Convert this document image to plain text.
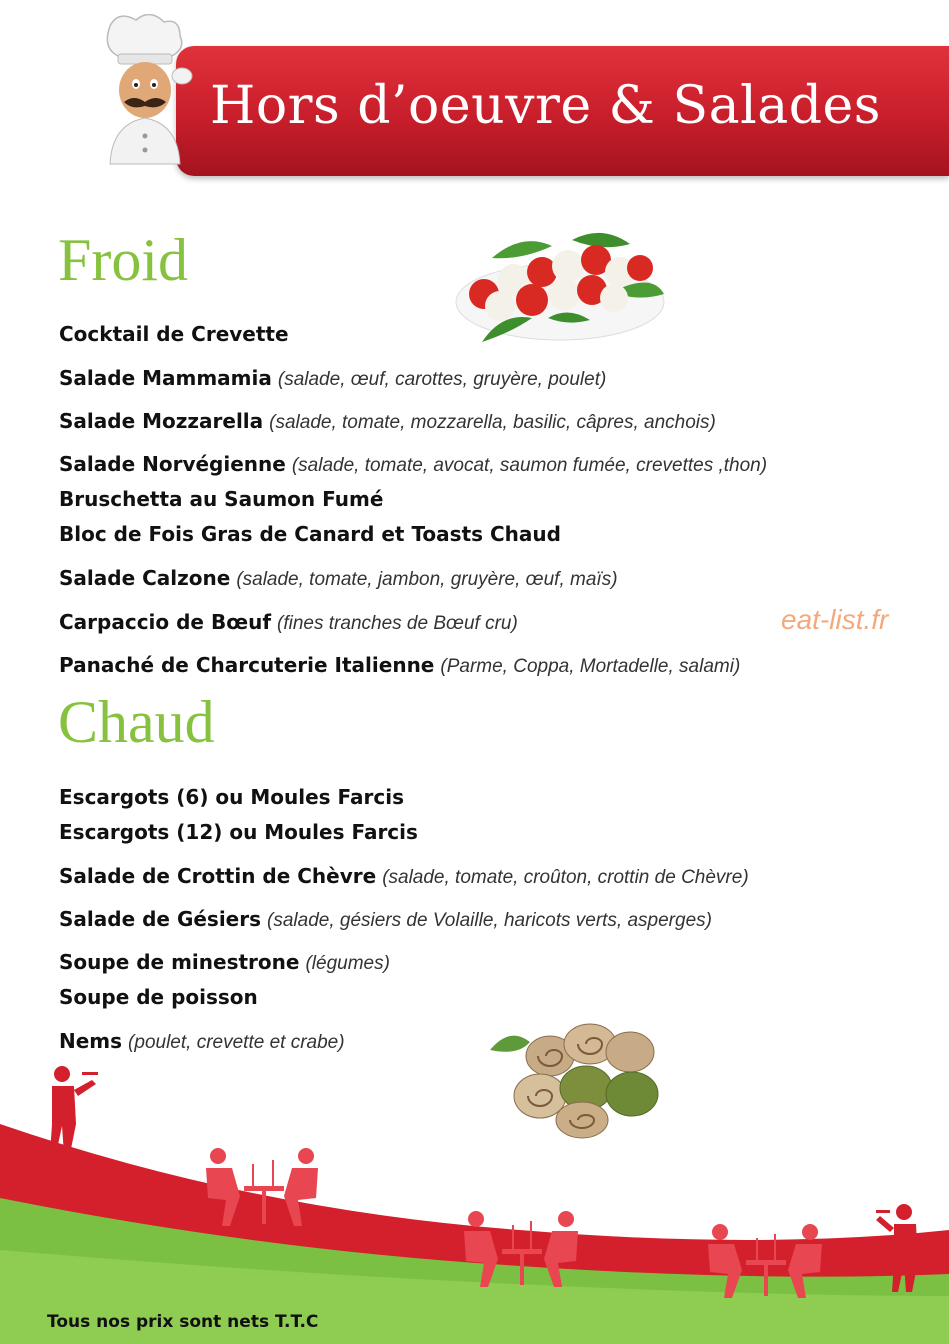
Hors d’oeuvre & Salades
Froid
Cocktail de Crevette
Salade Mammamia (salade, œuf, carottes, gruyère, poulet)
Salade Mozzarella (salade, tomate, mozzarella, basilic, câpres, anchois)
Salade Norvégienne (salade, tomate, avocat, saumon fumée, crevettes ,thon)
Bruschetta au Saumon Fumé
Bloc de Fois Gras de Canard et Toasts Chaud
Salade Calzone (salade, tomate, jambon, gruyère, œuf, maïs)
Carpaccio de Bœuf (fines tranches de Bœuf cru)
Panaché de Charcuterie Italienne (Parme, Coppa, Mortadelle, salami)
eat-list.fr
Chaud
Escargots (6) ou Moules Farcis
Escargots (12) ou Moules Farcis
Salade de Crottin de Chèvre (salade, tomate, croûton, crottin de Chèvre)
Salade de Gésiers (salade, gésiers de Volaille, haricots verts, asperges)
Soupe de minestrone (légumes)
Soupe de poisson
Nems (poulet, crevette et crabe)
Tous nos prix sont nets T.T.C
